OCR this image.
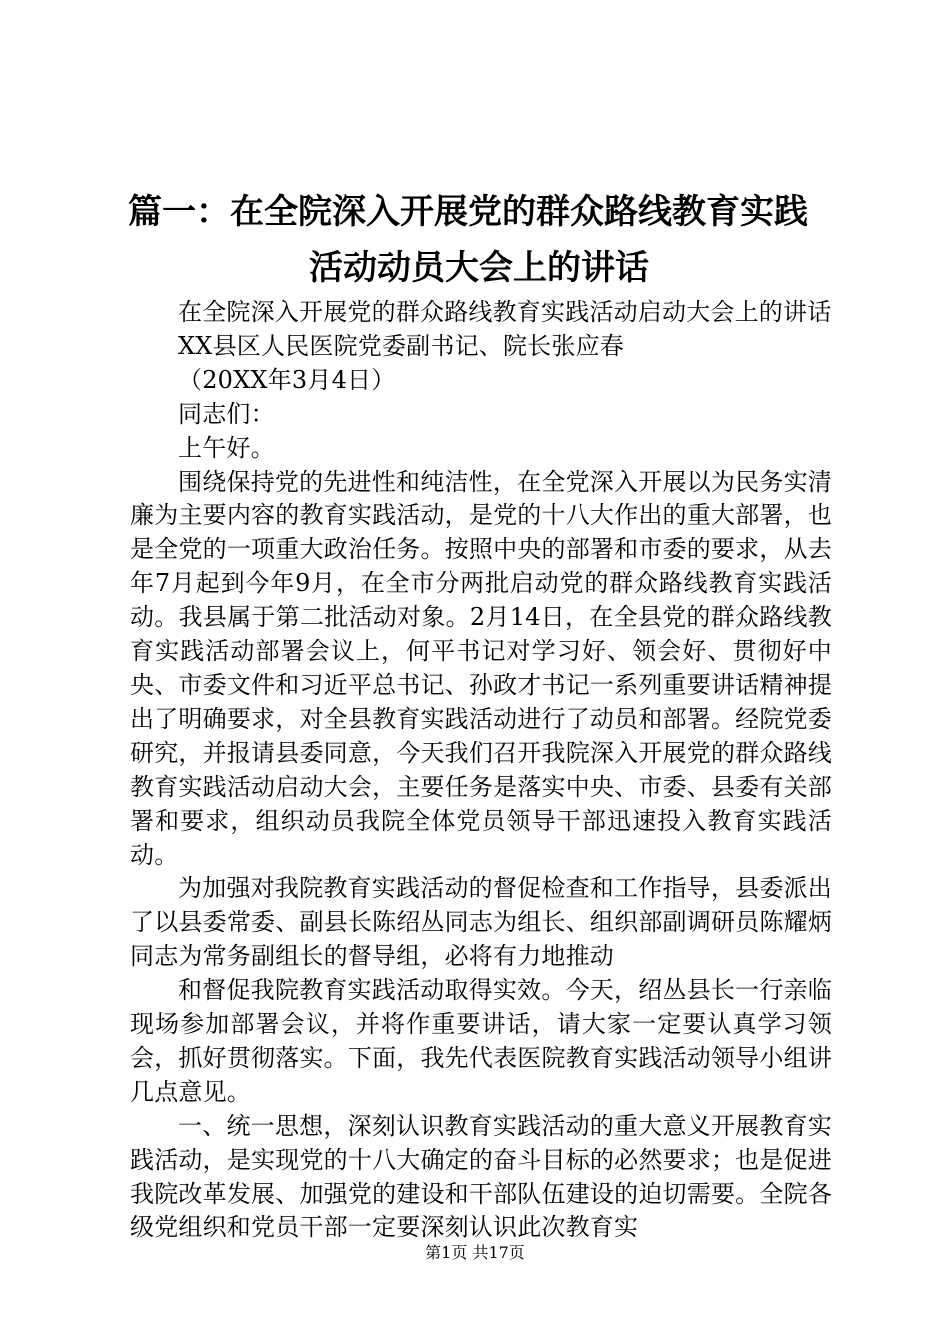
篇一：在全院深入开展党的群众路线教育实践
活动动员大会上的讲话

在全院深入开展党的群众路线教育实践活动启动大会上的讲话

XX县区人民医院党委副书记、院长张应春

（20XX年3月4日）

同志们：

上午好。

围绕保持党的先进性和纯洁性，在全党深入开展以为民务实清廉为主要内容的教育实践活动，是党的十八大作出的重大部署，也是全党的一项重大政治任务。按照中央的部署和市委的要求，从去年7月起到今年9月，在全市分两批启动党的群众路线教育实践活动。我县属于第二批活动对象。2月14日，在全县党的群众路线教育实践活动部署会议上，何平书记对学习好、领会好、贯彻好中央、市委文件和习近平总书记、孙政才书记一系列重要讲话精神提出了明确要求，对全县教育实践活动进行了动员和部署。经院党委研究，并报请县委同意，今天我们召开我院深入开展党的群众路线教育实践活动启动大会，主要任务是落实中央、市委、县委有关部署和要求，组织动员我院全体党员领导干部迅速投入教育实践活动。

为加强对我院教育实践活动的督促检查和工作指导，县委派出了以县委常委、副县长陈绍丛同志为组长、组织部副调研员陈耀炳同志为常务副组长的督导组，必将有力地推动

和督促我院教育实践活动取得实效。今天，绍丛县长一行亲临现场参加部署会议，并将作重要讲话，请大家一定要认真学习领会，抓好贯彻落实。下面，我先代表医院教育实践活动领导小组讲几点意见。

一、统一思想，深刻认识教育实践活动的重大意义开展教育实践活动，是实现党的十八大确定的奋斗目标的必然要求；也是促进我院改革发展、加强党的建设和干部队伍建设的迫切需要。全院各级党组织和党员干部一定要深刻认识此次教育实

第1页 共17页
